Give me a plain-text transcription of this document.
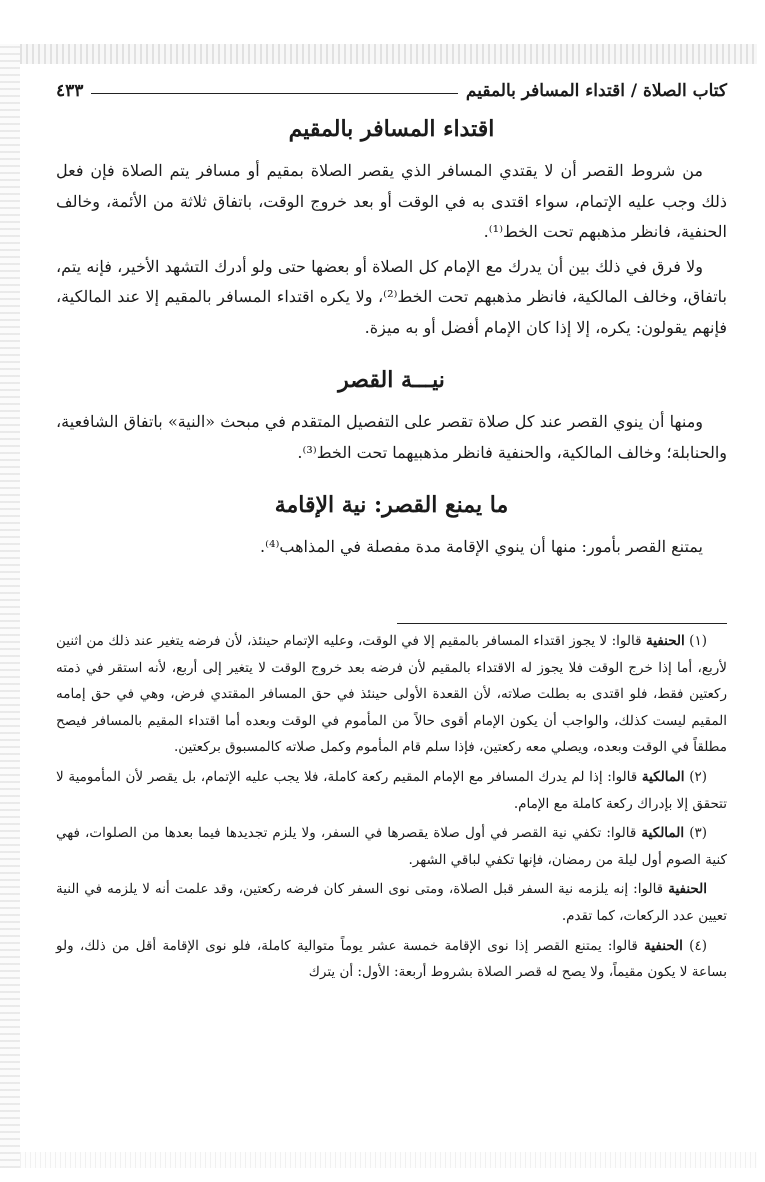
كتاب الصلاة / اقتداء المسافر بالمقيم
٤٣٣
اقتداء المسافر بالمقيم

من شروط القصر أن لا يقتدي المسافر الذي يقصر الصلاة بمقيم أو مسافر يتم الصلاة فإن فعل ذلك وجب عليه الإتمام، سواء اقتدى به في الوقت أو بعد خروج الوقت، باتفاق ثلاثة من الأئمة، وخالف الحنفية، فانظر مذهبهم تحت الخط⁽¹⁾.

ولا فرق في ذلك بين أن يدرك مع الإمام كل الصلاة أو بعضها حتى ولو أدرك التشهد الأخير، فإنه يتم، باتفاق، وخالف المالكية، فانظر مذهبهم تحت الخط⁽²⁾، ولا يكره اقتداء المسافر بالمقيم إلا عند المالكية، فإنهم يقولون: يكره، إلا إذا كان الإمام أفضل أو به ميزة.

نيـــة القصر

ومنها أن ينوي القصر عند كل صلاة تقصر على التفصيل المتقدم في مبحث «النية» باتفاق الشافعية، والحنابلة؛ وخالف المالكية، والحنفية فانظر مذهبيهما تحت الخط⁽³⁾.

ما يمنع القصر: نية الإقامة

يمتنع القصر بأمور: منها أن ينوي الإقامة مدة مفصلة في المذاهب⁽⁴⁾.

(١) الحنفية قالوا: لا يجوز اقتداء المسافر بالمقيم إلا في الوقت، وعليه الإتمام حينئذ، لأن فرضه يتغير عند ذلك من اثنين لأربع، أما إذا خرج الوقت فلا يجوز له الاقتداء بالمقيم لأن فرضه بعد خروج الوقت لا يتغير إلى أربع، لأنه استقر في ذمته ركعتين فقط، فلو اقتدى به بطلت صلاته، لأن القعدة الأولى حينئذ في حق المسافر المقتدي فرض، وهي في حق إمامه المقيم ليست كذلك، والواجب أن يكون الإمام أقوى حالاً من المأموم في الوقت وبعده أما اقتداء المقيم بالمسافر فيصح مطلقاً في الوقت وبعده، ويصلي معه ركعتين، فإذا سلم قام المأموم وكمل صلاته كالمسبوق بركعتين.

(٢) المالكية قالوا: إذا لم يدرك المسافر مع الإمام المقيم ركعة كاملة، فلا يجب عليه الإتمام، بل يقصر لأن المأمومية لا تتحقق إلا بإدراك ركعة كاملة مع الإمام.

(٣) المالكية قالوا: تكفي نية القصر في أول صلاة يقصرها في السفر، ولا يلزم تجديدها فيما بعدها من الصلوات، فهي كنية الصوم أول ليلة من رمضان، فإنها تكفي لباقي الشهر.

الحنفية قالوا: إنه يلزمه نية السفر قبل الصلاة، ومتى نوى السفر كان فرضه ركعتين، وقد علمت أنه لا يلزمه في النية تعيين عدد الركعات، كما تقدم.

(٤) الحنفية قالوا: يمتنع القصر إذا نوى الإقامة خمسة عشر يوماً متوالية كاملة، فلو نوى الإقامة أقل من ذلك، ولو بساعة لا يكون مقيماً، ولا يصح له قصر الصلاة بشروط أربعة: الأول: أن يترك
